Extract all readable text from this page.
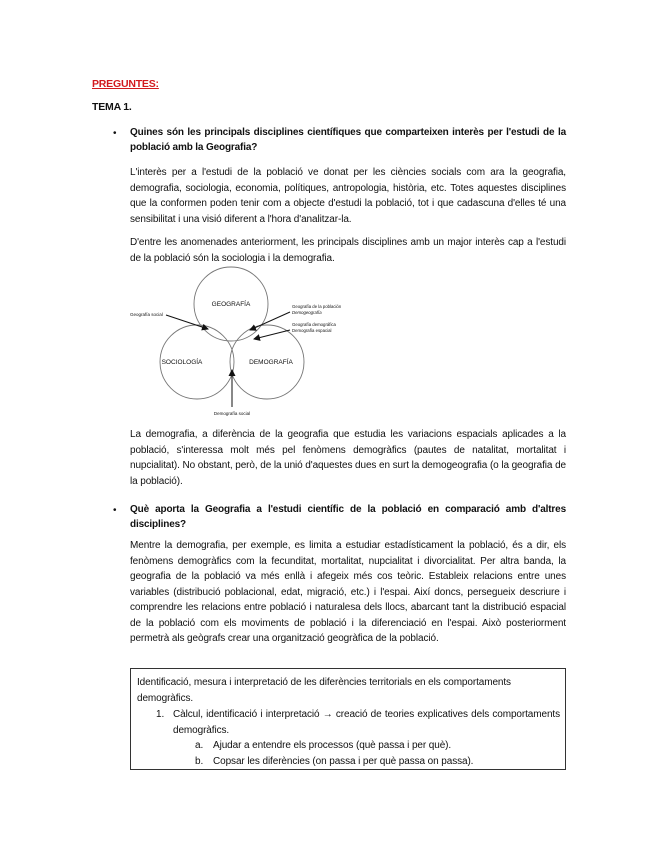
PREGUNTES:
TEMA 1.
• Quines són les principals disciplines científiques que comparteixen interès per l'estudi de la població amb la Geografia?
L'interès per a l'estudi de la població ve donat per les ciències socials com ara la geografia, demografia, sociologia, economia, polítiques, antropologia, història, etc. Totes aquestes disciplines que la conformen poden tenir com a objecte d'estudi la població, tot i que cadascuna d'elles té una sensibilitat i una visió diferent a l'hora d'analitzar-la.
D'entre les anomenades anteriorment, les principals disciplines amb un major interès cap a l'estudi de la població són la sociologia i la demografia.
GEOGRAFÍA
SOCIOLOGÍA	DEMOGRAFÍA
Geografía social
Geografía de la población
Demogeografía
Geografía demográfica
Demografía espacial
Demografía social
La demografia, a diferència de la geografia que estudia les variacions espacials aplicades a la població, s'interessa molt més pel fenòmens demogràfics (pautes de natalitat, mortalitat i nupcialitat). No obstant, però, de la unió d'aquestes dues en surt la demogeografia (o la geografia de la població).
• Què aporta la Geografia a l'estudi científic de la població en comparació amb d'altres disciplines?
Mentre la demografia, per exemple, es limita a estudiar estadísticament la població, és a dir, els fenòmens demogràfics com la fecunditat, mortalitat, nupcialitat i divorcialitat. Per altra banda, la geografia de la població va més enllà i afegeix més cos teòric. Estableix relacions entre unes variables (distribució poblacional, edat, migració, etc.) i l'espai. Així doncs, persegueix descriure i comprendre les relacions entre població i naturalesa dels llocs, abarcant tant la distribució espacial de la població com els moviments de població i la diferenciació en l'espai. Això posteriorment permetrà als geògrafs crear una organització geogràfica de la població.
Identificació, mesura i interpretació de les diferències territorials en els comportaments demogràfics.
1. Càlcul, identificació i interpretació → creació de teories explicatives dels comportaments demogràfics.
a. Ajudar a entendre els processos (què passa i per què).
b. Copsar les diferències (on passa i per què passa on passa).
